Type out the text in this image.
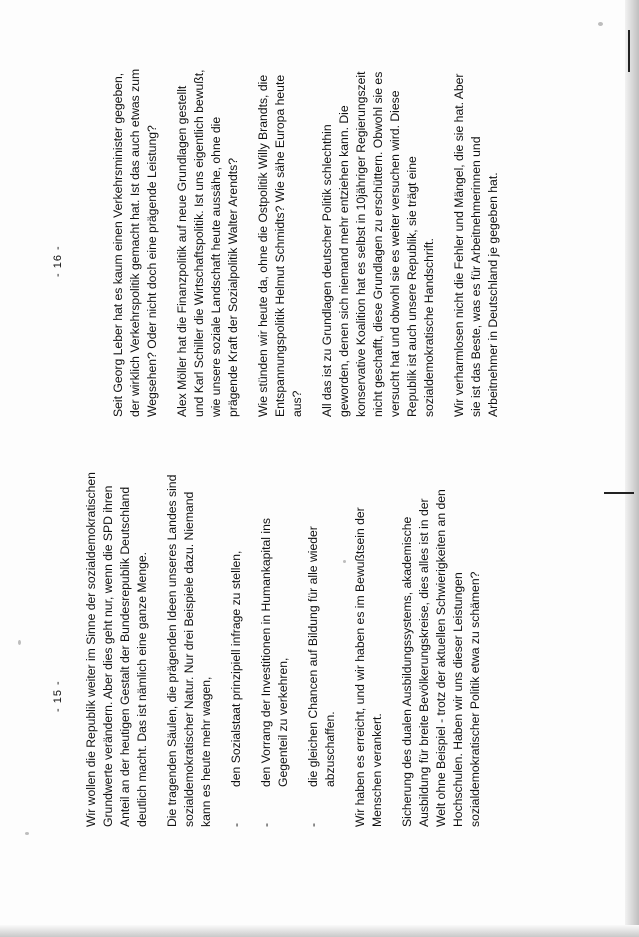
- 15 - Wir wollen die Republik weiter im Sinne der sozialdemokratischen Grundwerte verändern. Aber dies geht nur, wenn die SPD ihren Anteil an der heutigen Gestalt der Bundesrepublik Deutschland deutlich macht. Das ist nämlich eine ganze Menge. Die tragenden Säulen, die prägenden Ideen unseres Landes sind sozialdemokratischer Natur. Nur drei Beispiele dazu. Niemand kann es heute mehr wagen, -
den Sozialstaat prinzipiell infrage zu stellen,
-
den Vorrang der Investitionen in Humankapital ins Gegenteil zu verkehren,
-
die gleichen Chancen auf Bildung für alle wieder abzuschaffen. Wir haben es erreicht, und wir haben es im Bewußtsein der Menschen verankert. Sicherung des dualen Ausbildungssystems, akademische Ausbildung für breite Bevölkerungskreise, dies alles ist in der Welt ohne Beispiel - trotz der aktuellen Schwierigkeiten an den Hochschulen. Haben wir uns dieser Leistungen sozialdemokratischer Politik etwa zu schämen?

- 16 -	Seit Georg Leber hat es kaum einen Verkehrsminister gegeben, der wirklich Verkehrspolitik gemacht hat. Ist das auch etwas zum Wegsehen? Oder nicht doch eine prägende Leistung? Alex Möller hat die Finanzpolitik auf neue Grundlagen gestellt und Karl Schiller die Wirtschaftspolitik. Ist uns eigentlich bewußt, wie unsere soziale Landschaft heute aussähe, ohne die prägende Kraft der Sozialpolitik Walter Arendts? Wie stünden wir heute da, ohne die Ostpolitik Willy Brandts, die Entspannungspolitik Helmut Schmidts? Wie sähe Europa heute aus? All das ist zu Grundlagen deutscher Politik schlechthin geworden, denen sich niemand mehr entziehen kann. Die konservative Koalition hat es selbst in 10jähriger Regierungszeit nicht geschafft, diese Grundlagen zu erschüttern. Obwohl sie es versucht hat und obwohl sie es weiter versuchen wird. Diese Republik ist auch unsere Republik, sie trägt eine sozialdemokratische Handschrift. Wir verharmlosen nicht die Fehler und Mängel, die sie hat. Aber sie ist das Beste, was es für Arbeitnehmerinnen und Arbeitnehmer in Deutschland je gegeben hat.
